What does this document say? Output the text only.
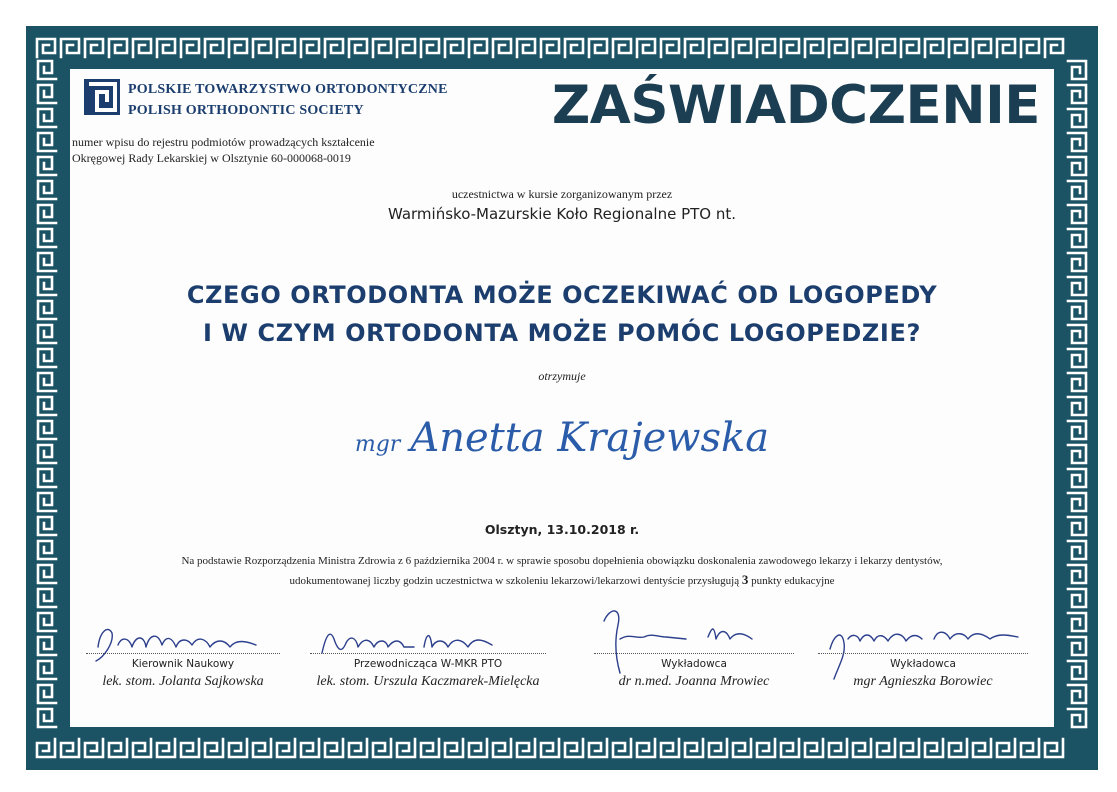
POLSKIE TOWARZYSTWO ORTODONTYCZNE
POLISH ORTHODONTIC SOCIETY
numer wpisu do rejestru podmiotów prowadzących kształcenie
Okręgowej Rady Lekarskiej w Olsztynie 60-000068-0019
ZAŚWIADCZENIE
uczestnictwa w kursie zorganizowanym przez
Warmińsko-Mazurskie Koło Regionalne PTO nt.
CZEGO ORTODONTA MOŻE OCZEKIWAĆ OD LOGOPEDY
I W CZYM ORTODONTA MOŻE POMÓC LOGOPEDZIE?
otrzymuje
mgr Anetta Krajewska
Olsztyn, 13.10.2018 r.
Na podstawie Rozporządzenia Ministra Zdrowia z 6 października 2004 r. w sprawie sposobu dopełnienia obowiązku doskonalenia zawodowego lekarzy i lekarzy dentystów,
udokumentowanej liczby godzin uczestnictwa w szkoleniu lekarzowi/lekarzowi dentyście przysługują 3 punkty edukacyjne
Kierownik Naukowy
lek. stom. Jolanta Sajkowska
Przewodnicząca W-MKR PTO
lek. stom. Urszula Kaczmarek-Mielęcka
Wykładowca
dr n.med. Joanna Mrowiec
Wykładowca
mgr Agnieszka Borowiec
